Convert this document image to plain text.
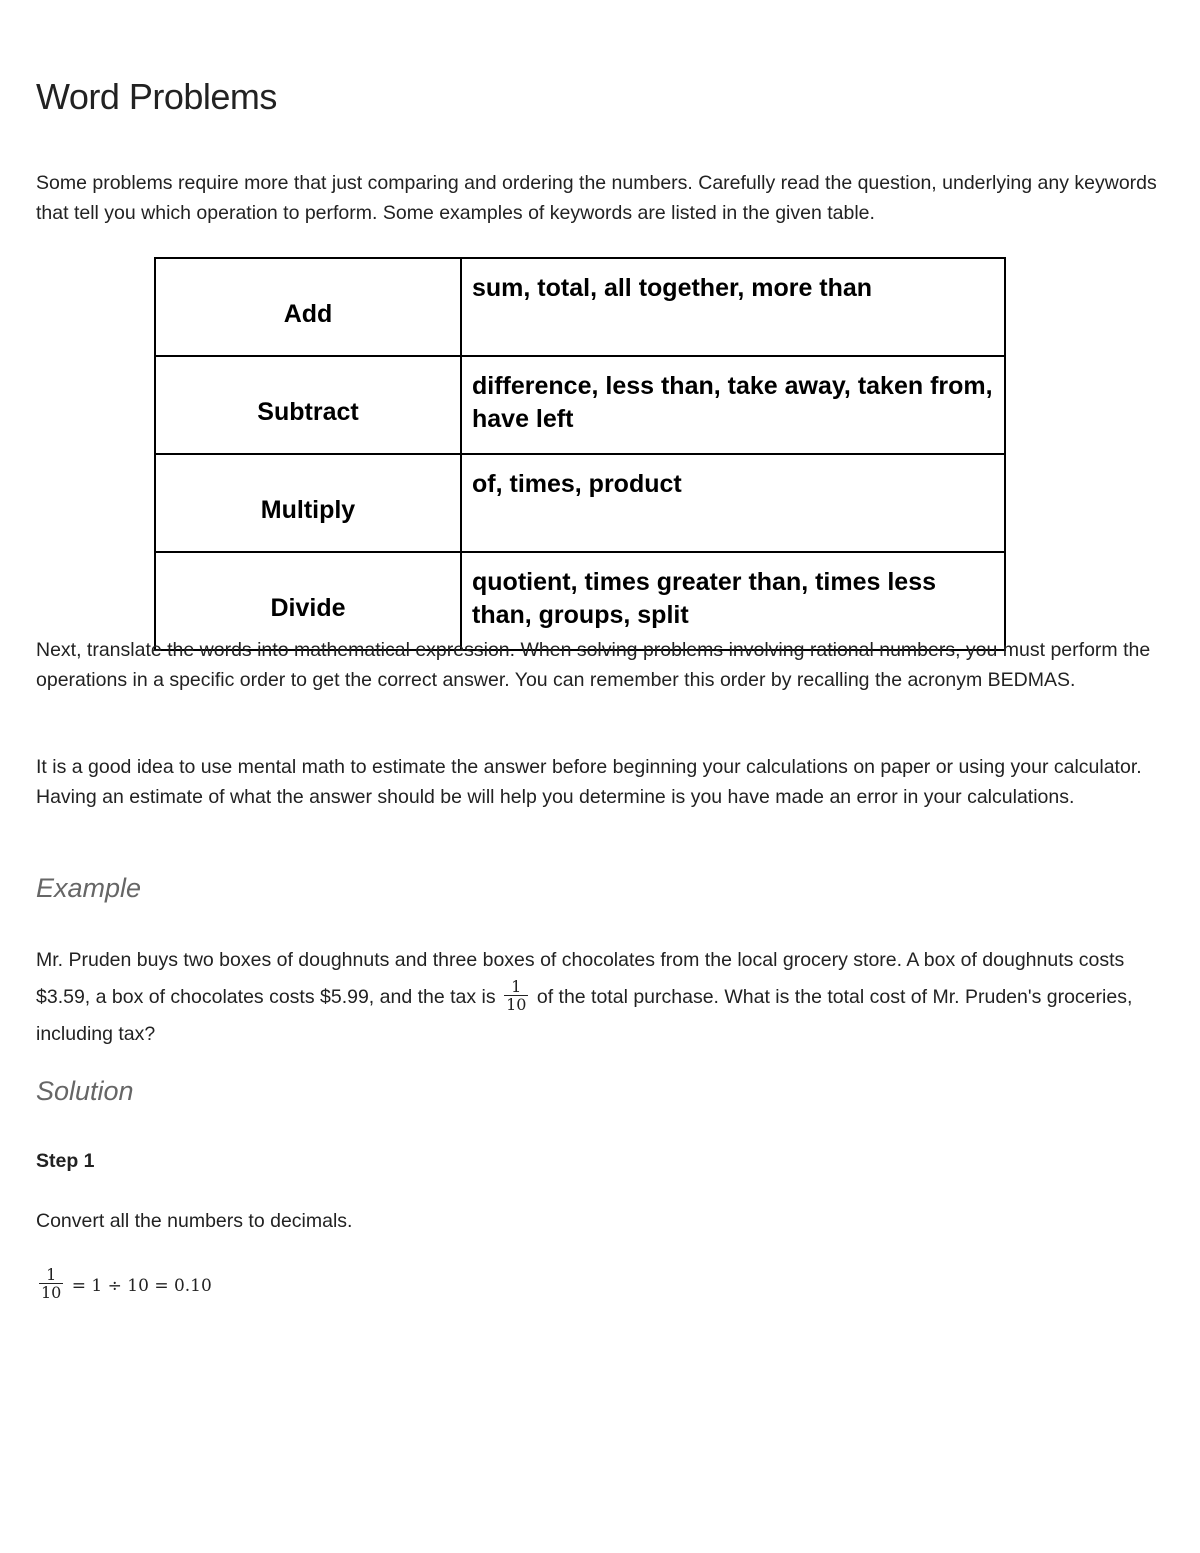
Word Problems

Some problems require more that just comparing and ordering the numbers. Carefully read the question, underlying any keywords that tell you which operation to perform. Some examples of keywords are listed in the given table.

Add	sum, total, all together, more than
Subtract	difference, less than, take away, taken from, have left
Multiply	of, times, product
Divide	quotient, times greater than, times less than, groups, split

Next, translate the words into mathematical expression. When solving problems involving rational numbers, you must perform the operations in a specific order to get the correct answer. You can remember this order by recalling the acronym BEDMAS.

It is a good idea to use mental math to estimate the answer before beginning your calculations on paper or using your calculator. Having an estimate of what the answer should be will help you determine is you have made an error in your calculations.

Example

Mr. Pruden buys two boxes of doughnuts and three boxes of chocolates from the local grocery store. A box of doughnuts costs $3.59, a box of chocolates costs $5.99, and the tax is $\frac{1}{10}$ of the total purchase. What is the total cost of Mr. Pruden's groceries, including tax?

Solution

Step 1

Convert all the numbers to decimals.

$\frac{1}{10} = 1 \div 10 = 0.10$
